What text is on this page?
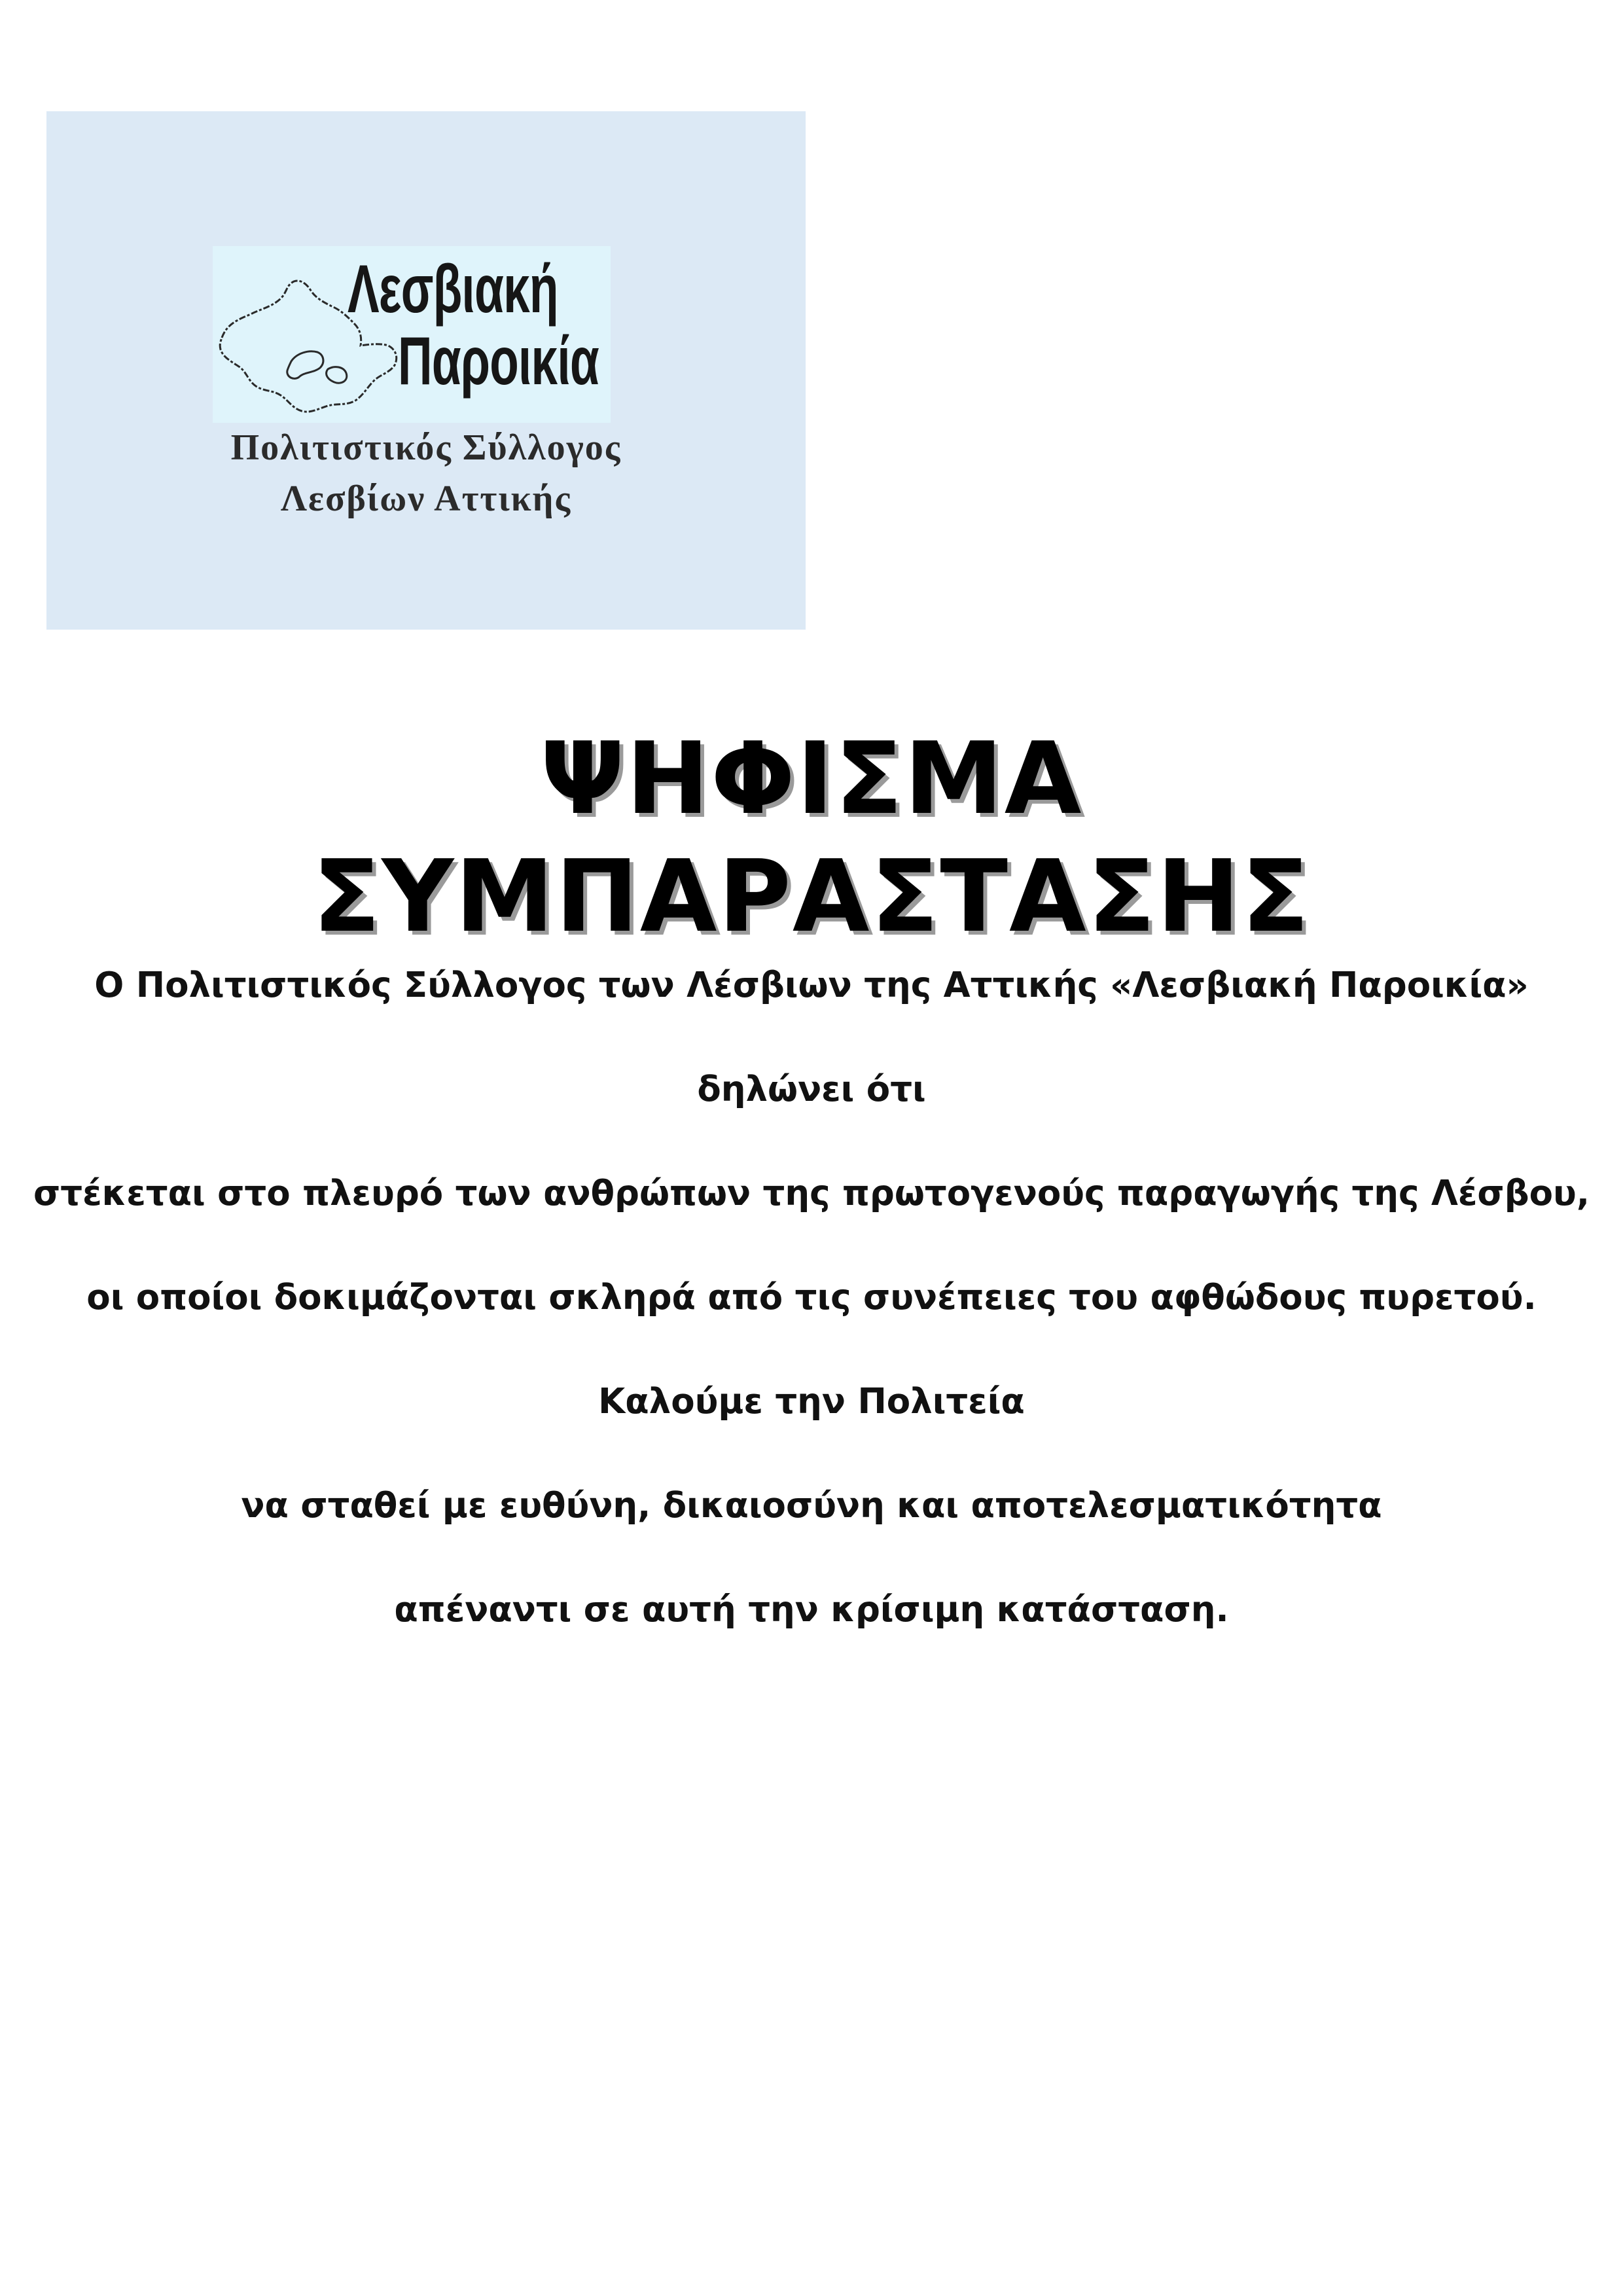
Λεσβιακή
Παροικία
Πολιτιστικός Σύλλογος
Λεσβίων Αττικής
ΨΗΦΙΣΜΑ ΣΥΜΠΑΡΑΣΤΑΣΗΣ
Ο Πολιτιστικός Σύλλογος των Λέσβιων της Αττικής «Λεσβιακή Παροικία»
δηλώνει ότι
στέκεται στο πλευρό των ανθρώπων της πρωτογενούς παραγωγής της Λέσβου,
οι οποίοι δοκιμάζονται σκληρά από τις συνέπειες του αφθώδους πυρετού.
Καλούμε την Πολιτεία
να σταθεί με ευθύνη, δικαιοσύνη και αποτελεσματικότητα
απέναντι σε αυτή την κρίσιμη κατάσταση.
